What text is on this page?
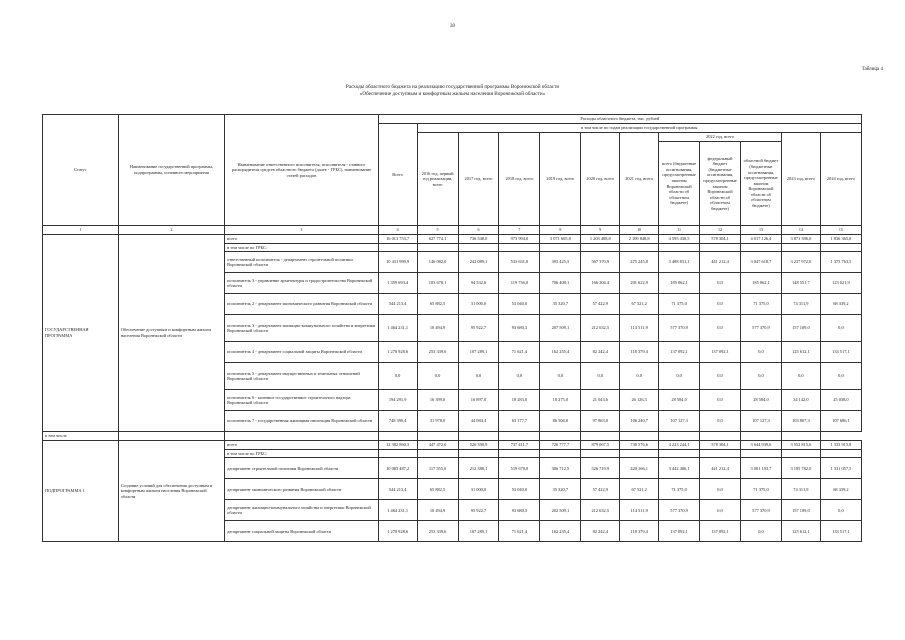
30
Таблица 4
Расходы областного бюджета на реализацию государственной программы Воронежской области
«Обеспечение доступным и комфортным жильем населения Воронежской области»
Статус	Наименование государственной программы, подпрограммы, основного мероприятия	Наименование ответственного исполнителя, исполнителя - главного распорядителя средств областного бюджета (далее - ГРБС), наименование статей расходов	Расходы областного бюджета, тыс. рублей											
			Всего	в том числе по годам реализации государственной программы										
				2016 год, первый год реализации, всего	2017 год, всего	2018 год, всего	2019 год, всего	2020 год, всего	2021 год, всего	2022 год, всего			2023 год, всего	2024 год, всего
										всего (бюджетные ассигнования, предусмотренные законом Воронежской области об областном бюджете)	федеральный бюджет (бюджетные ассигнования, предусмотренные законом Воронежской области об областном бюджете)	областной бюджет (бюджетные ассигнования, предусмотренные законом Воронежской области об областном бюджете)		
1	2	3	4	5	6	7	8	9	10	11	12	13	14	15
ГОСУДАРСТВЕННАЯ ПРОГРАММА	Обеспечение доступным и комфортным жильем населения Воронежской области	всего	16 013 753,7	627 774,1	736 548,0	973 994,0	3 071 605,8	1 203 408,8	2 109 848,8	4 595 430,5	578 304,1	4 017 126,4	3 871 396,0	1 836 365,8
		в том числе по ГРБС:												
		ответственный исполнитель - департамент строительной политики Воронежской области	10 431 999,9	146 082,0	242 089,1	533 631,0	393 425,5	567 370,9	475 245,8	3 488 831,1	441 212,4	3 047 618,7	3 237 972,0	1 375 763,5
		исполнитель 3 - управление архитектуры и градостроительства Воронежской области	1 359 693,4	103 678,1	94 532,6	119 736,0	706 408,1	166 304,4	201 622,9	185 062,1	0,0	185 062,1	148 551,7	123 021,9
		исполнитель 2 - департамент экономического развития Воронежской области	544 213,4	65 882,5	31 000,0	53 040,0	35 320,7	57 422,9	67 521,2	71 375,0	0,0	71 375,0	74 311,9	68 339,2
		исполнитель 3 - департамент жилищно-коммунального хозяйства и энергетики Воронежской области	1 464 231,1	10 494,9	95 922,7	93 680,3	207 509,1	212 632,5	114 511,9	577 370,9	0,0	577 370,9	157 109,0	0,0
		исполнитель 4 - департамент социальной защиты Воронежской области	1 270 928,6	253 339,6	107 289,1	71 621,4	162 255,4	82 242,4	118 379,4	137 092,1	137 092,1	0,0	125 612,1	133 517,1
		исполнитель 5 - департамент имущественных и земельных отношений Воронежской области	0,0	0,0	0,0	0,0	0,0	0,0	0,0	0,0	0,0	0,0	0,0	0,0
		исполнитель 6 - казенное государственное строительного надзора Воронежской области	194 291,9	16 399,0	16 897,0	18 283,0	18 275,0	21 043,6	26 126,3	28 584,0	0,0	28 584,0	34 142,0	25 038,0
		исполнитель 7 - государственная жилищная инспекция Воронежской области	748 390,4	31 978,0	44 084,4	63 177,7	86 504,0	97 863,0	106 240,7	107 127,3	0,0	107 127,3	103 807,3	107 686,1
в том числе														
ПОДПРОГРАММА 1	Создание условий для обеспечения доступным и комфортным жильем населения Воронежской области	всего	12 382 860,3	447 472,0	526 390,9	737 411,7	726 777,7	879 067,5	730 576,6	4 223 244,1	578 304,1	3 644 939,6	3 552 815,6	1 333 915,8
		в том числе по ГРБС:												
		департамент строительной политики Воронежской области	10 083 487,2	117 555,0	212 388,1	519 670,0	306 712,5	526 719,9	420 166,1	3 442 406,1	441 212,4	3 001 193,7	3 195 782,0	1 331 057,5
		департамент экономического развития Воронежской области	544 213,4	65 882,5	31 000,0	53 040,0	35 320,7	57 422,9	67 521,2	71 375,0	0,0	71 375,0	74 311,9	68 339,2
		департамент жилищно-коммунального хозяйства и энергетики Воронежской области	1 464 231,1	10 494,9	95 922,7	93 680,3	202 509,1	212 632,5	114 511,9	577 370,9	0,0	577 370,9	157 109,0	0,0
		департамент социальной защиты Воронежской области	1 270 928,6	253 339,6	107 289,1	71 621,4	162 235,4	82 242,4	118 379,4	137 092,1	137 092,1	0,0	125 612,1	133 517,1
